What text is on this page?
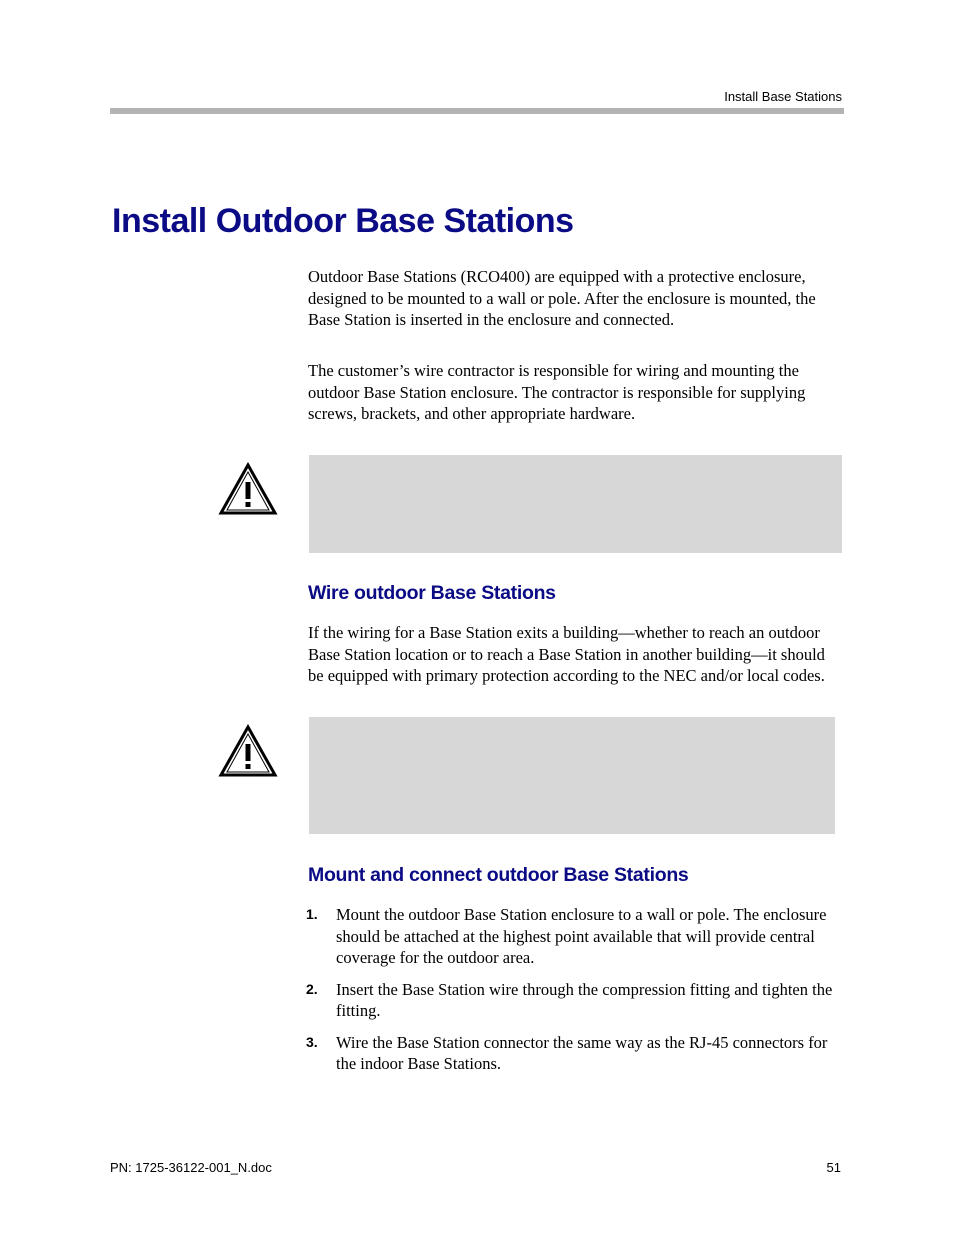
Install Base Stations
Install Outdoor Base Stations

Outdoor Base Stations (RCO400) are equipped with a protective enclosure, designed to be mounted to a wall or pole. After the enclosure is mounted, the Base Station is inserted in the enclosure and connected.

The customer’s wire contractor is responsible for wiring and mounting the outdoor Base Station enclosure. The contractor is responsible for supplying screws, brackets, and other appropriate hardware.

Wire outdoor Base Stations

If the wiring for a Base Station exits a building—whether to reach an outdoor Base Station location or to reach a Base Station in another building—it should be equipped with primary protection according to the NEC and/or local codes.

Mount and connect outdoor Base Stations
1. Mount the outdoor Base Station enclosure to a wall or pole. The enclosure should be attached at the highest point available that will provide central coverage for the outdoor area.
2. Insert the Base Station wire through the compression fitting and tighten the fitting.
3. Wire the Base Station connector the same way as the RJ-45 connectors for the indoor Base Stations.
PN: 1725-36122-001_N.doc	51
